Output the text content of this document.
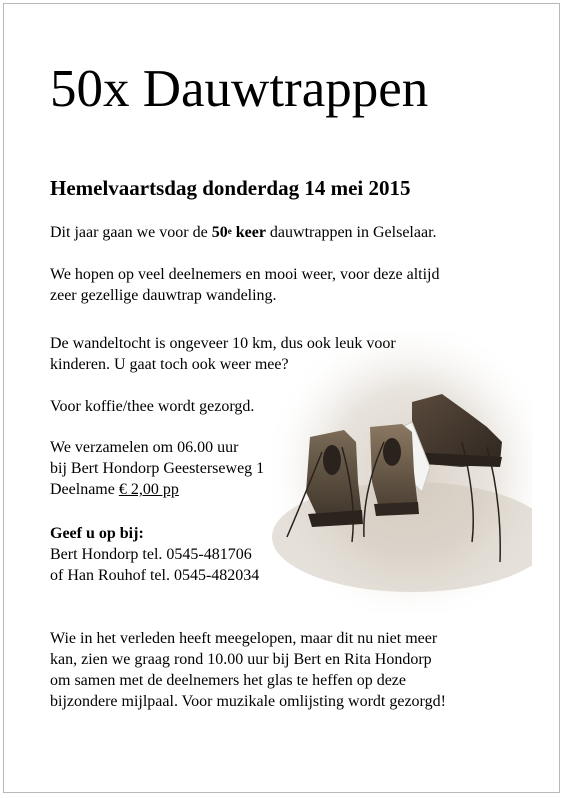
50x Dauwtrappen
Hemelvaartsdag donderdag 14 mei 2015
Dit jaar gaan we voor de 50e keer dauwtrappen in Gelselaar.
We hopen op veel deelnemers en mooi weer, voor deze altijd
zeer gezellige dauwtrap wandeling.
De wandeltocht is ongeveer 10 km, dus ook leuk voor
kinderen. U gaat toch ook weer mee?
Voor koffie/thee wordt gezorgd.
We verzamelen om 06.00 uur
bij Bert Hondorp Geesterseweg 1
Deelname € 2,00 pp
Geef u op bij:
Bert Hondorp tel. 0545-481706
of Han Rouhof tel. 0545-482034
Wie in het verleden heeft meegelopen, maar dit nu niet meer
kan, zien we graag rond 10.00 uur bij Bert en Rita Hondorp
om samen met de deelnemers het glas te heffen op deze
bijzondere mijlpaal. Voor muzikale omlijsting wordt gezorgd!
